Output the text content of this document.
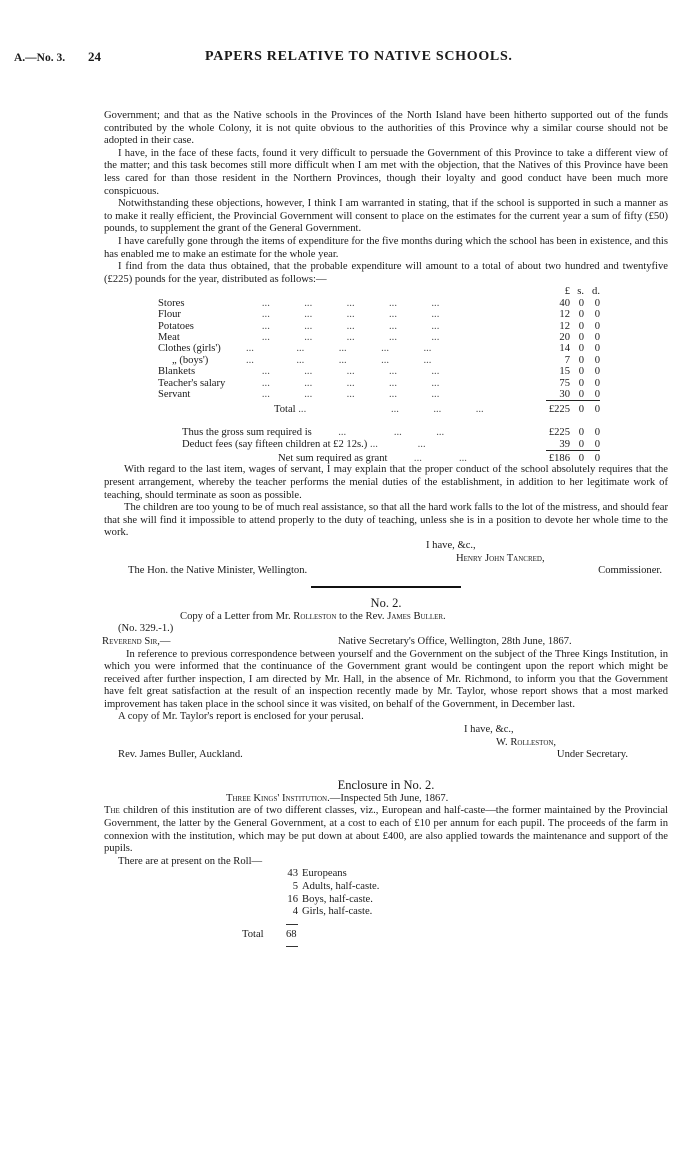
A.—No. 3. 24	PAPERS RELATIVE TO NATIVE SCHOOLS.

Government; and that as the Native schools in the Provinces of the North Island have been hitherto supported out of the funds contributed by the whole Colony, it is not quite obvious to the authorities of this Province why a similar course should not be adopted in their case.

I have, in the face of these facts, found it very difficult to persuade the Government of this Province to take a different view of the matter; and this task becomes still more difficult when I am met with the objection, that the Natives of this Province have been less cared for than those resident in the Northern Provinces, though their loyalty and good conduct have been much more conspicuous.

Notwithstanding these objections, however, I think I am warranted in stating, that if the school is supported in such a manner as to make it really efficient, the Provincial Government will consent to place on the estimates for the current year a sum of fifty (£50) pounds, to supplement the grant of the General Government.

I have carefully gone through the items of expenditure for the five months during which the school has been in existence, and this has enabled me to make an estimate for the whole year.

I find from the data thus obtained, that the probable expenditure will amount to a total of about two hundred and twentyfive (£225) pounds for the year, distributed as follows:—

		£	s.	d.
Stores	...             ...             ...             ...             ...	40	0	0
Flour	...             ...             ...             ...             ...	12	0	0
Potatoes	...             ...             ...             ...             ...	12	0	0
Meat	...             ...             ...             ...             ...	20	0	0
Clothes (girls')	...                ...             ...             ...             ...	14	0	0
„ (boys')	...                ...             ...             ...             ...	7	0	0
Blankets	...             ...             ...             ...             ...	15	0	0
Teacher's salary	...             ...             ...             ...             ...	75	0	0
Servant	...             ...             ...             ...             ...	30	0	0
	Total ...                                ...             ...             ...	£225	0	0

Thus the gross sum required is          ...                  ...             ...		£225	0	0
Deduct fees (say fifteen children at £2 12s.) ...               ...		39	0	0
Net sum required as grant          ...              ...		£186	0	0

With regard to the last item, wages of servant, I may explain that the proper conduct of the school absolutely requires that the present arrangement, whereby the teacher performs the menial duties of the establishment, in addition to her legitimate work of teaching, should terminate as soon as possible.

The children are too young to be of much real assistance, so that all the hard work falls to the lot of the mistress, and should fear that she will find it impossible to attend properly to the duty of teaching, unless she is in a position to devote her whole time to the work.

I have, &c.,
Henry John Tancred,
The Hon. the Native Minister, Wellington.	Commissioner.
No. 2.
Copy of a Letter from Mr. Rolleston to the Rev. James Buller.
(No. 329.-1.)
Reverend Sir,—	Native Secretary's Office, Wellington, 28th June, 1867.

In reference to previous correspondence between yourself and the Government on the subject of the Three Kings Institution, in which you were informed that the continuance of the Government grant would be contingent upon the report which might be received after further inspection, I am directed by Mr. Hall, in the absence of Mr. Richmond, to inform you that the Government have felt great satisfaction at the result of an inspection recently made by Mr. Taylor, whose report shows that a most marked improvement has taken place in the school since it was visited, on behalf of the Government, in December last.

A copy of Mr. Taylor's report is enclosed for your perusal.

I have, &c.,
W. Rolleston,
Rev. James Buller, Auckland.	Under Secretary.
Enclosure in No. 2.
Three Kings' Institution.—Inspected 5th June, 1867.

The children of this institution are of two different classes, viz., European and half-caste—the former maintained by the Provincial Government, the latter by the General Government, at a cost to each of £10 per annum for each pupil. The proceeds of the farm in connexion with the institution, which may be put down at about £400, are also applied towards the maintenance and support of the pupils.

There are at present on the Roll—
43 Europeans
5 Adults, half-caste.
16 Boys, half-caste.
4 Girls, half-caste.
Total 68
